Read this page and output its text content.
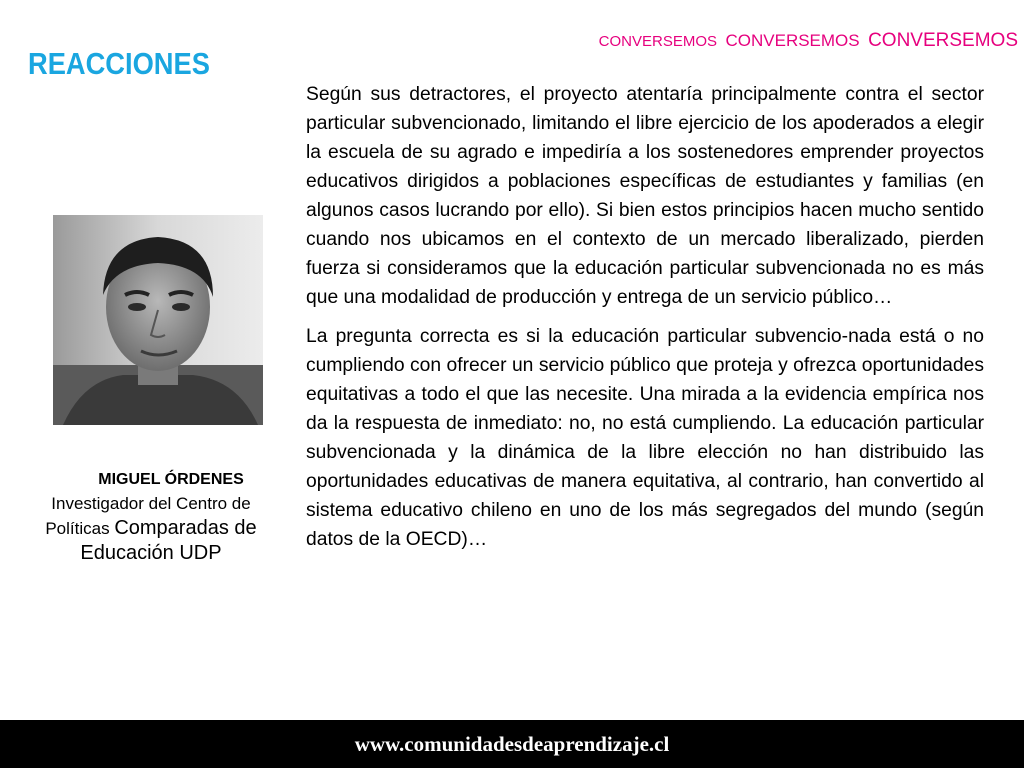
CONVERSEMOS CONVERSEMOS CONVERSEMOS
REACCIONES
MIGUEL ÓRDENES
Investigador del Centro de
Políticas Comparadas de
Educación UDP

Según sus detractores, el proyecto atentaría principalmente contra el sector particular subvencionado, limitando el libre ejercicio de los apoderados a elegir la escuela de su agrado e impediría a los sostenedores emprender proyectos educativos dirigidos a poblaciones específicas de estudiantes y familias (en algunos casos lucrando por ello). Si bien estos principios hacen mucho sentido cuando nos ubicamos en el contexto de un mercado liberalizado, pierden fuerza si consideramos que la educación particular subvencionada no es más que una modalidad de producción y entrega de un servicio público…

La pregunta correcta es si la educación particular subvencio-nada está o no cumpliendo con ofrecer un servicio público que proteja y ofrezca oportunidades equitativas a todo el que las necesite. Una mirada a la evidencia empírica nos da la respuesta de inmediato: no, no está cumpliendo. La educación particular subvencionada y la dinámica de la libre elección no han distribuido las oportunidades educativas de manera equitativa, al contrario, han convertido al sistema educativo chileno en uno de los más segregados del mundo (según datos de la OECD)…

www.comunidadesdeaprendizaje.cl
